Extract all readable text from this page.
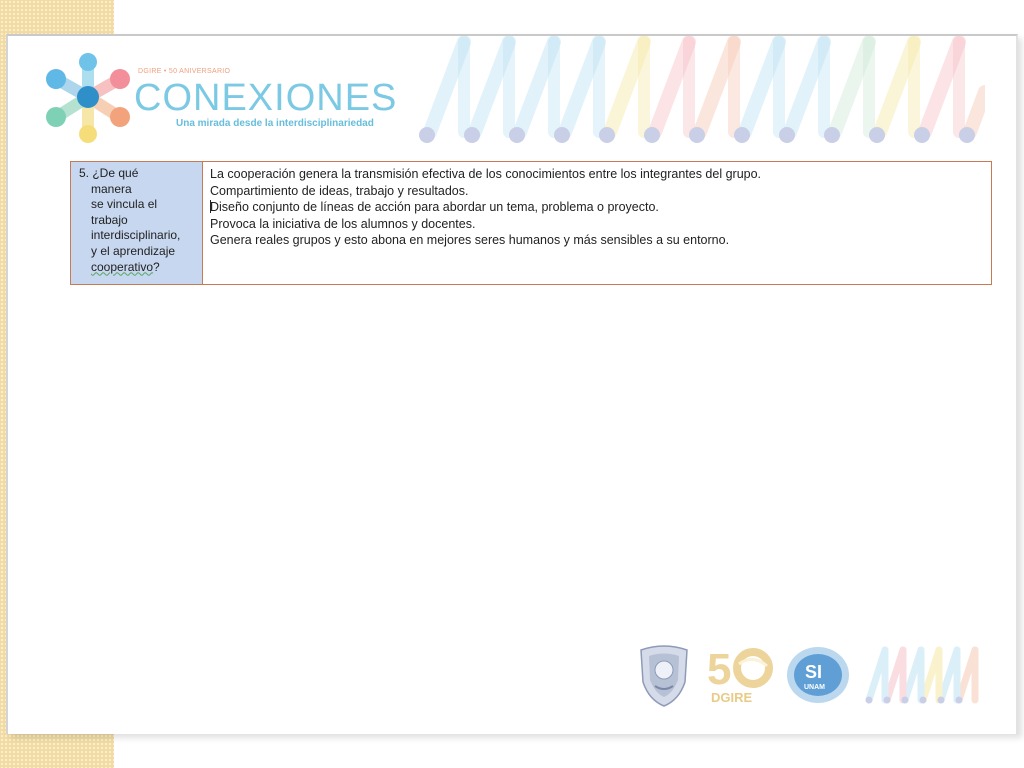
DGIRE • 50 ANIVERSARIO
CONEXIONES
Una mirada desde la interdisciplinariedad
5. ¿De qué
manera
se vincula el
trabajo
interdisciplinario,
y el aprendizaje
cooperativo?
La cooperación genera la transmisión efectiva de los conocimientos entre los integrantes del grupo.
Compartimiento de ideas, trabajo y resultados.
Diseño conjunto de líneas de acción para abordar un tema, problema o proyecto.
Provoca la iniciativa de los alumnos y docentes.
Genera reales grupos y esto abona en mejores seres humanos y más sensibles a su entorno.
5
DGIRE
SI
UNAM
